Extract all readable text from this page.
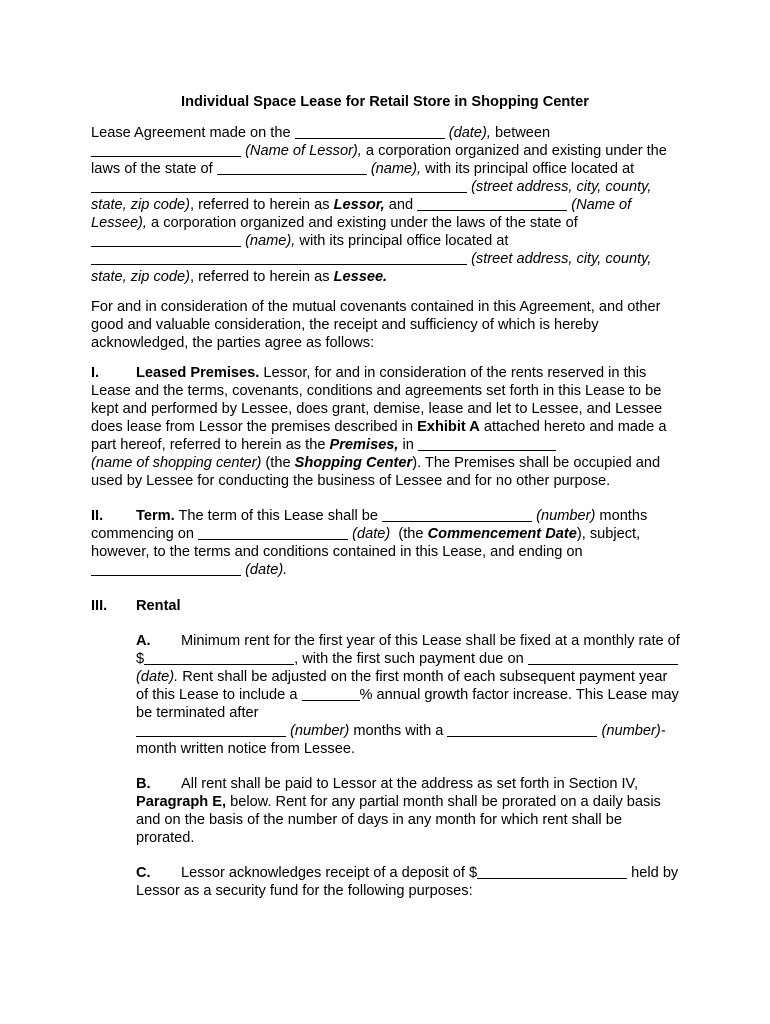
Individual Space Lease for Retail Store in Shopping Center
Lease Agreement made on the	(date), between
(Name of Lessor), a corporation organized and existing under the laws of the state of	(name), with its principal office located at
(street address, city, county, state, zip code), referred to herein as Lessor, and	(Name of Lessee), a corporation organized and existing under the laws of the state of
(name), with its principal office located at
(street address, city, county, state, zip code), referred to herein as Lessee.
For and in consideration of the mutual covenants contained in this Agreement, and other good and valuable consideration, the receipt and sufficiency of which is hereby acknowledged, the parties agree as follows:
I.	Leased Premises. Lessor, for and in consideration of the rents reserved in this Lease and the terms, covenants, conditions and agreements set forth in this Lease to be kept and performed by Lessee, does grant, demise, lease and let to Lessee, and Lessee does lease from Lessor the premises described in Exhibit A attached hereto and made a part hereof, referred to herein as the Premises, in
(name of shopping center) (the Shopping Center). The Premises shall be occupied and used by Lessee for conducting the business of Lessee and for no other purpose.
II. Term. The term of this Lease shall be	(number) months commencing on	(date) (the Commencement Date), subject, however, to the terms and conditions contained in this Lease, and ending on
(date).
III. Rental
A. Minimum rent for the first year of this Lease shall be fixed at a monthly rate of $	, with the first such payment due on  (date). Rent shall be adjusted on the first month of each subsequent payment year of this Lease to include a	% annual growth factor increase. This Lease may be terminated after
(number) months with a	(number)- month written notice from Lessee.
B. All rent shall be paid to Lessor at the address as set forth in Section IV, Paragraph E, below. Rent for any partial month shall be prorated on a daily basis and on the basis of the number of days in any month for which rent shall be prorated.
C. Lessor acknowledges receipt of a deposit of $	held by Lessor as a security fund for the following purposes:
